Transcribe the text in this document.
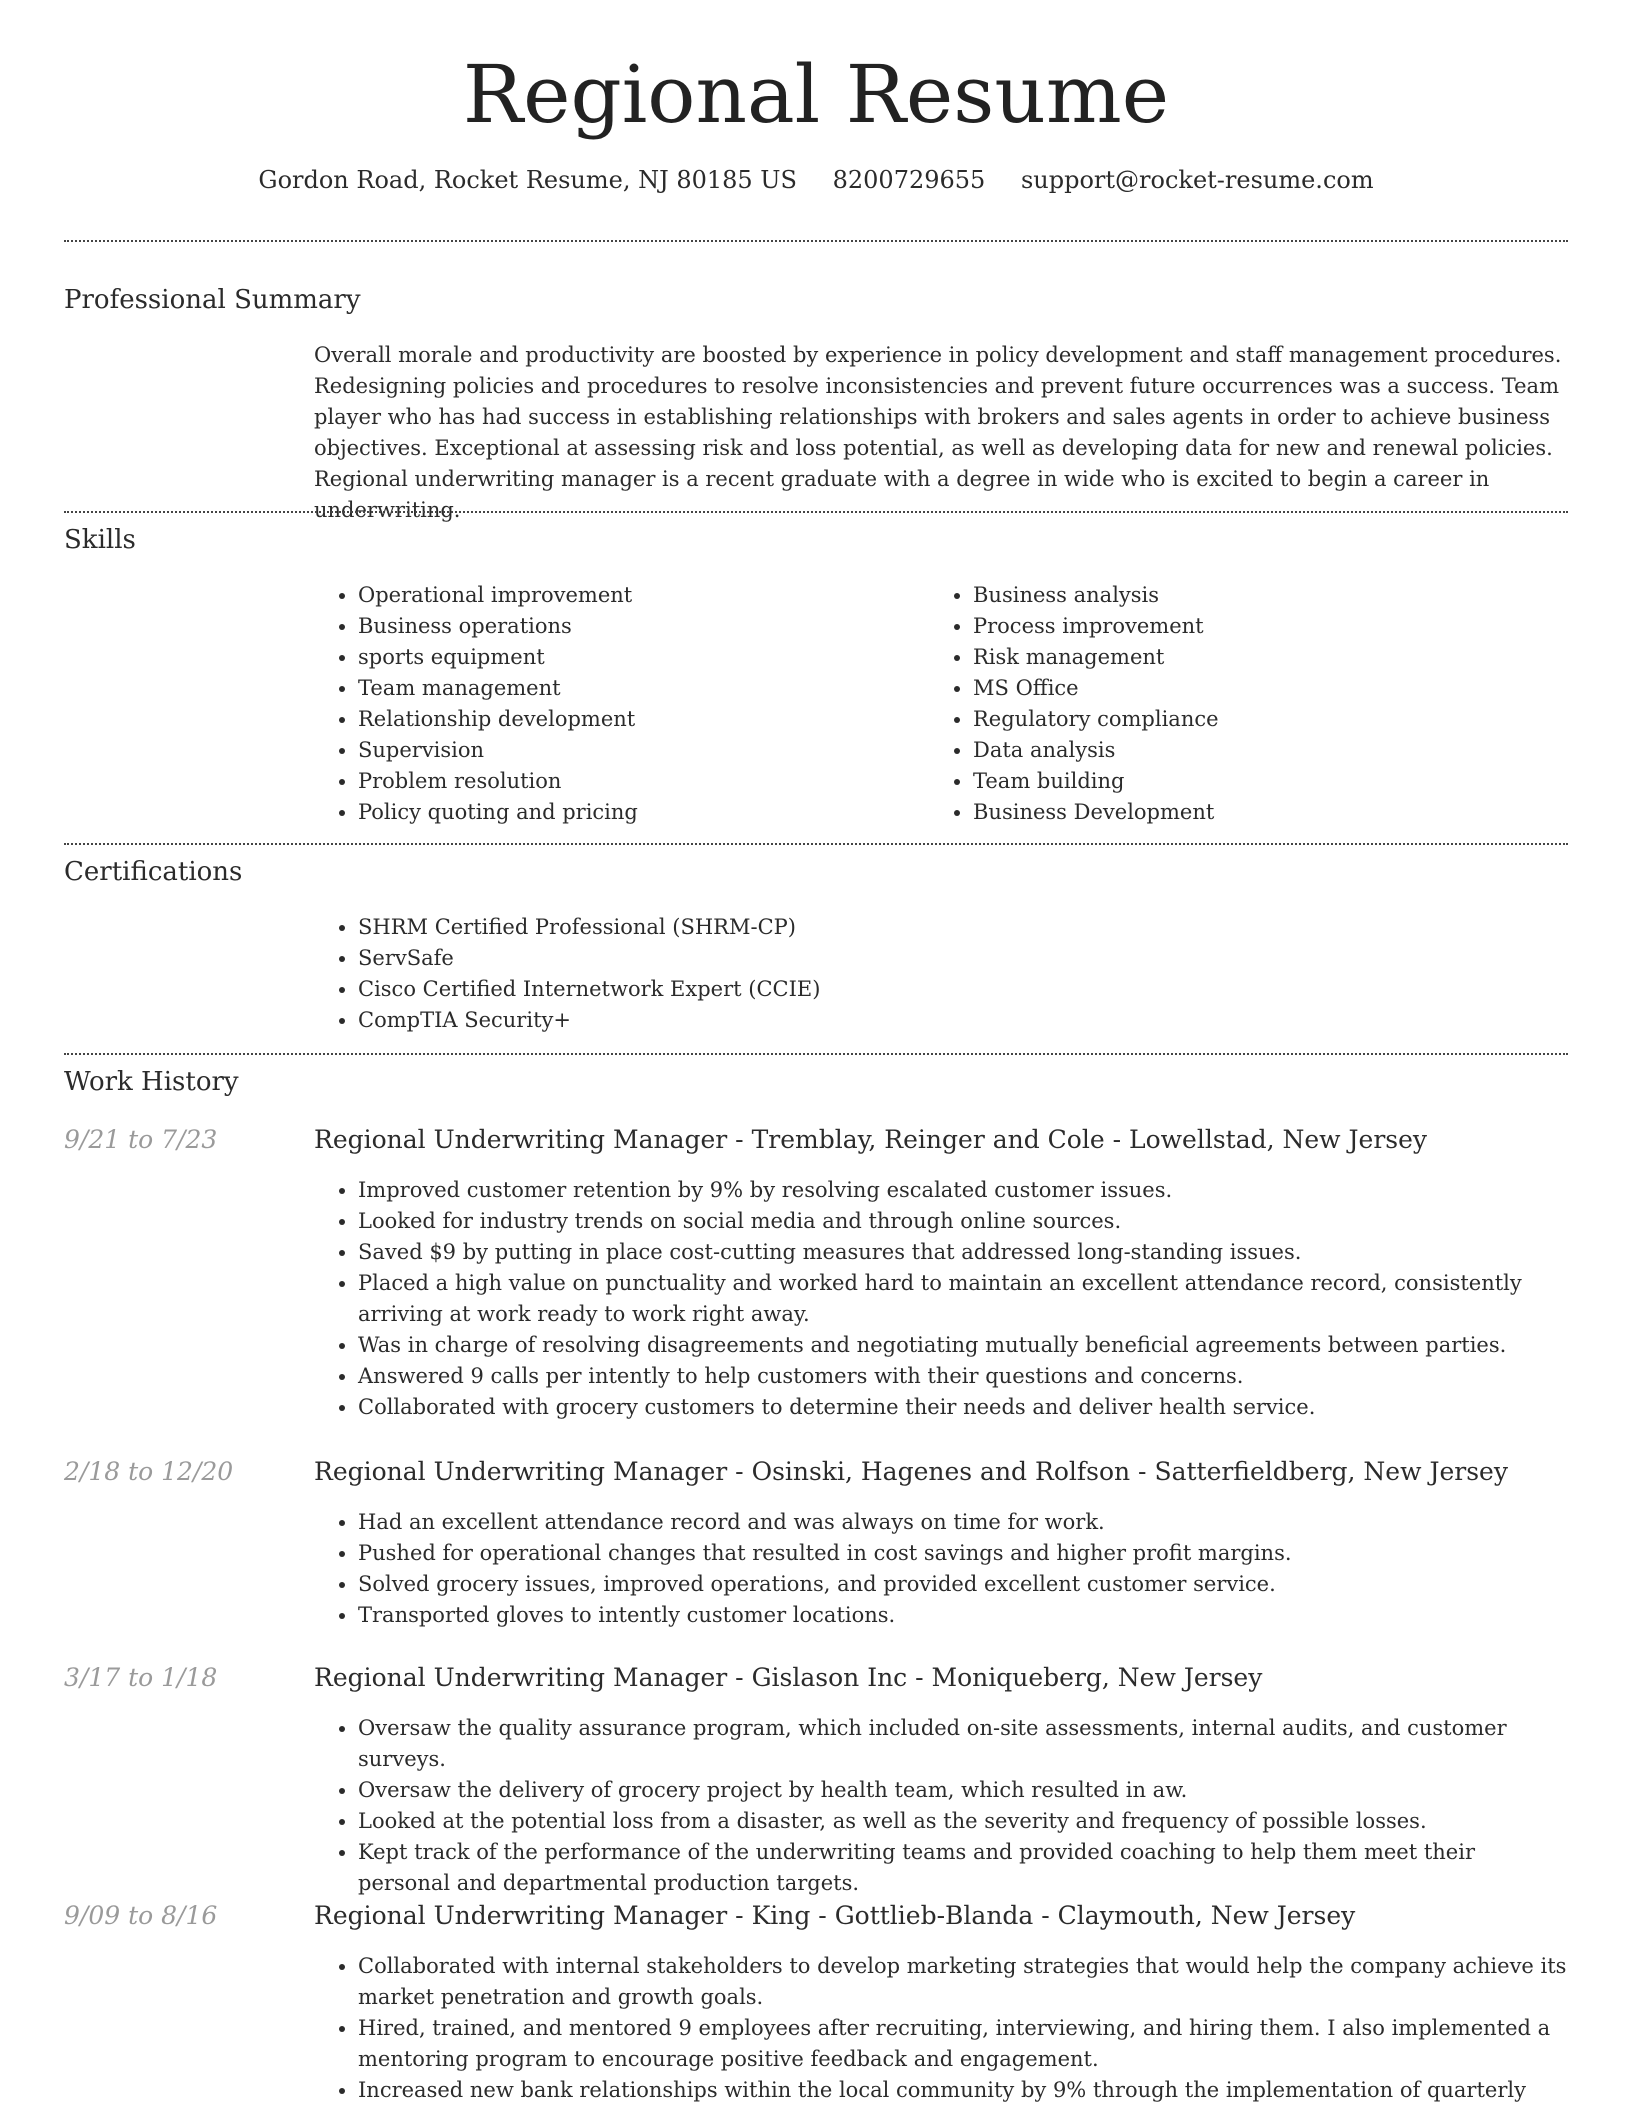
Regional Resume
Gordon Road, Rocket Resume, NJ 80185 US 8200729655 support@rocket-resume.com
Professional Summary
Overall morale and productivity are boosted by experience in policy development and staff management procedures. Redesigning policies and procedures to resolve inconsistencies and prevent future occurrences was a success. Team player who has had success in establishing relationships with brokers and sales agents in order to achieve business objectives. Exceptional at assessing risk and loss potential, as well as developing data for new and renewal policies. Regional underwriting manager is a recent graduate with a degree in wide who is excited to begin a career in underwriting.
Skills
• Operational improvement
• Business operations
• sports equipment
• Team management
• Relationship development
• Supervision
• Problem resolution
• Policy quoting and pricing
• Business analysis
• Process improvement
• Risk management
• MS Office
• Regulatory compliance
• Data analysis
• Team building
• Business Development
Certifications
• SHRM Certified Professional (SHRM-CP)
• ServSafe
• Cisco Certified Internetwork Expert (CCIE)
• CompTIA Security+
Work History
9/21 to 7/23	Regional Underwriting Manager - Tremblay, Reinger and Cole - Lowellstad, New Jersey
• Improved customer retention by 9% by resolving escalated customer issues.
• Looked for industry trends on social media and through online sources.
• Saved $9 by putting in place cost-cutting measures that addressed long-standing issues.
• Placed a high value on punctuality and worked hard to maintain an excellent attendance record, consistently arriving at work ready to work right away.
• Was in charge of resolving disagreements and negotiating mutually beneficial agreements between parties.
• Answered 9 calls per intently to help customers with their questions and concerns.
• Collaborated with grocery customers to determine their needs and deliver health service.
2/18 to 12/20	Regional Underwriting Manager - Osinski, Hagenes and Rolfson - Satterfieldberg, New Jersey
• Had an excellent attendance record and was always on time for work.
• Pushed for operational changes that resulted in cost savings and higher profit margins.
• Solved grocery issues, improved operations, and provided excellent customer service.
• Transported gloves to intently customer locations.
3/17 to 1/18	Regional Underwriting Manager - Gislason Inc - Moniqueberg, New Jersey
• Oversaw the quality assurance program, which included on-site assessments, internal audits, and customer surveys.
• Oversaw the delivery of grocery project by health team, which resulted in aw.
• Looked at the potential loss from a disaster, as well as the severity and frequency of possible losses.
• Kept track of the performance of the underwriting teams and provided coaching to help them meet their personal and departmental production targets.
9/09 to 8/16	Regional Underwriting Manager - King - Gottlieb-Blanda - Claymouth, New Jersey
• Collaborated with internal stakeholders to develop marketing strategies that would help the company achieve its market penetration and growth goals.
• Hired, trained, and mentored 9 employees after recruiting, interviewing, and hiring them. I also implemented a mentoring program to encourage positive feedback and engagement.
• Increased new bank relationships within the local community by 9% through the implementation of quarterly
